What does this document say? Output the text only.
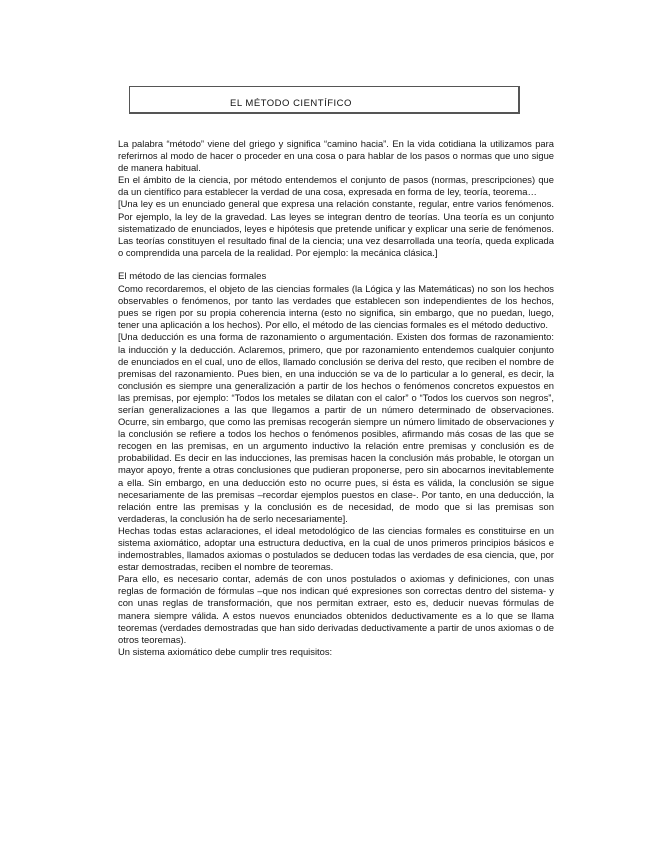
EL MÉTODO CIENTÍFICO

La palabra “método” viene del griego y significa “camino hacia”. En la vida cotidiana la utilizamos para referirnos al modo de hacer o proceder en una cosa o para hablar de los pasos o normas que uno sigue de manera habitual.

En el ámbito de la ciencia, por método entendemos el conjunto de pasos (normas, prescripciones) que da un científico para establecer la verdad de una cosa, expresada en forma de ley, teoría, teorema…

[Una ley es un enunciado general que expresa una relación constante, regular, entre varios fenómenos. Por ejemplo, la ley de la gravedad. Las leyes se integran dentro de teorías. Una teoría es un conjunto sistematizado de enunciados, leyes e hipótesis que pretende unificar y explicar una serie de fenómenos. Las teorías constituyen el resultado final de la ciencia; una vez desarrollada una teoría, queda explicada o comprendida una parcela de la realidad. Por ejemplo: la mecánica clásica.]

El método de las ciencias formales

Como recordaremos, el objeto de las ciencias formales (la Lógica y las Matemáticas) no son los hechos observables o fenómenos, por tanto las verdades que establecen son independientes de los hechos, pues se rigen por su propia coherencia interna (esto no significa, sin embargo, que no puedan, luego, tener una aplicación a los hechos). Por ello, el método de las ciencias formales es el método deductivo.

[Una deducción es una forma de razonamiento o argumentación. Existen dos formas de razonamiento: la inducción y la deducción. Aclaremos, primero, que por razonamiento entendemos cualquier conjunto de enunciados en el cual, uno de ellos, llamado conclusión se deriva del resto, que reciben el nombre de premisas del razonamiento. Pues bien, en una inducción se va de lo particular a lo general, es decir, la conclusión es siempre una generalización a partir de los hechos o fenómenos concretos expuestos en las premisas, por ejemplo: “Todos los metales se dilatan con el calor” o “Todos los cuervos son negros”, serían generalizaciones a las que llegamos a partir de un número determinado de observaciones. Ocurre, sin embargo, que como las premisas recogerán siempre un número limitado de observaciones y la conclusión se refiere a todos los hechos o fenómenos posibles, afirmando más cosas de las que se recogen en las premisas, en un argumento inductivo la relación entre premisas y conclusión es de probabilidad. Es decir en las inducciones, las premisas hacen la conclusión más probable, le otorgan un mayor apoyo, frente a otras conclusiones que pudieran proponerse, pero sin abocarnos inevitablemente a ella. Sin embargo, en una deducción esto no ocurre pues, si ésta es válida, la conclusión se sigue necesariamente de las premisas –recordar ejemplos puestos en clase-. Por tanto, en una deducción, la relación entre las premisas y la conclusión es de necesidad, de modo que si las premisas son verdaderas, la conclusión ha de serlo necesariamente].

Hechas todas estas aclaraciones, el ideal metodológico de las ciencias formales es constituirse en un sistema axiomático, adoptar una estructura deductiva, en la cual de unos primeros principios básicos e indemostrables, llamados axiomas o postulados se deducen todas las verdades de esa ciencia, que, por estar demostradas, reciben el nombre de teoremas.

Para ello, es necesario contar, además de con unos postulados o axiomas y definiciones, con unas reglas de formación de fórmulas –que nos indican qué expresiones son correctas dentro del sistema- y con unas reglas de transformación, que nos permitan extraer, esto es, deducir nuevas fórmulas de manera siempre válida. A estos nuevos enunciados obtenidos deductivamente es a lo que se llama teoremas (verdades demostradas que han sido derivadas deductivamente a partir de unos axiomas o de otros teoremas).

Un sistema axiomático debe cumplir tres requisitos:
